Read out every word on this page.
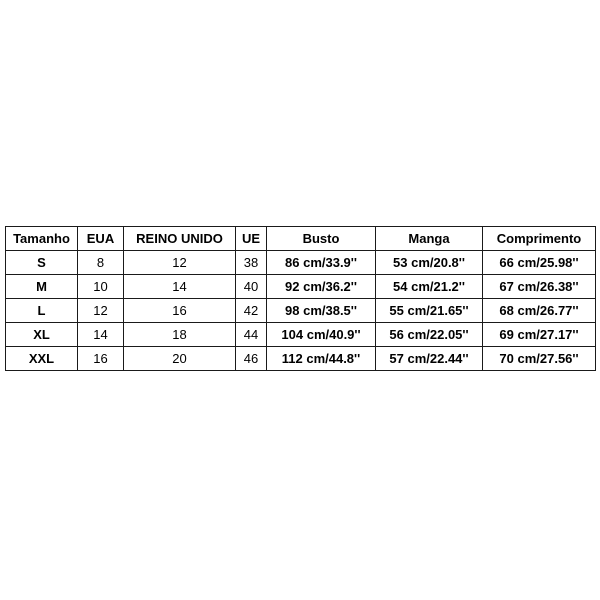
Tamanho	EUA	REINO UNIDO	UE	Busto	Manga	Comprimento
S	8	12	38	86 cm/33.9''	53 cm/20.8''	66 cm/25.98''
M	10	14	40	92 cm/36.2''	54 cm/21.2''	67 cm/26.38''
L	12	16	42	98 cm/38.5''	55 cm/21.65''	68 cm/26.77''
XL	14	18	44	104 cm/40.9''	56 cm/22.05''	69 cm/27.17''
XXL	16	20	46	112 cm/44.8''	57 cm/22.44''	70 cm/27.56''
